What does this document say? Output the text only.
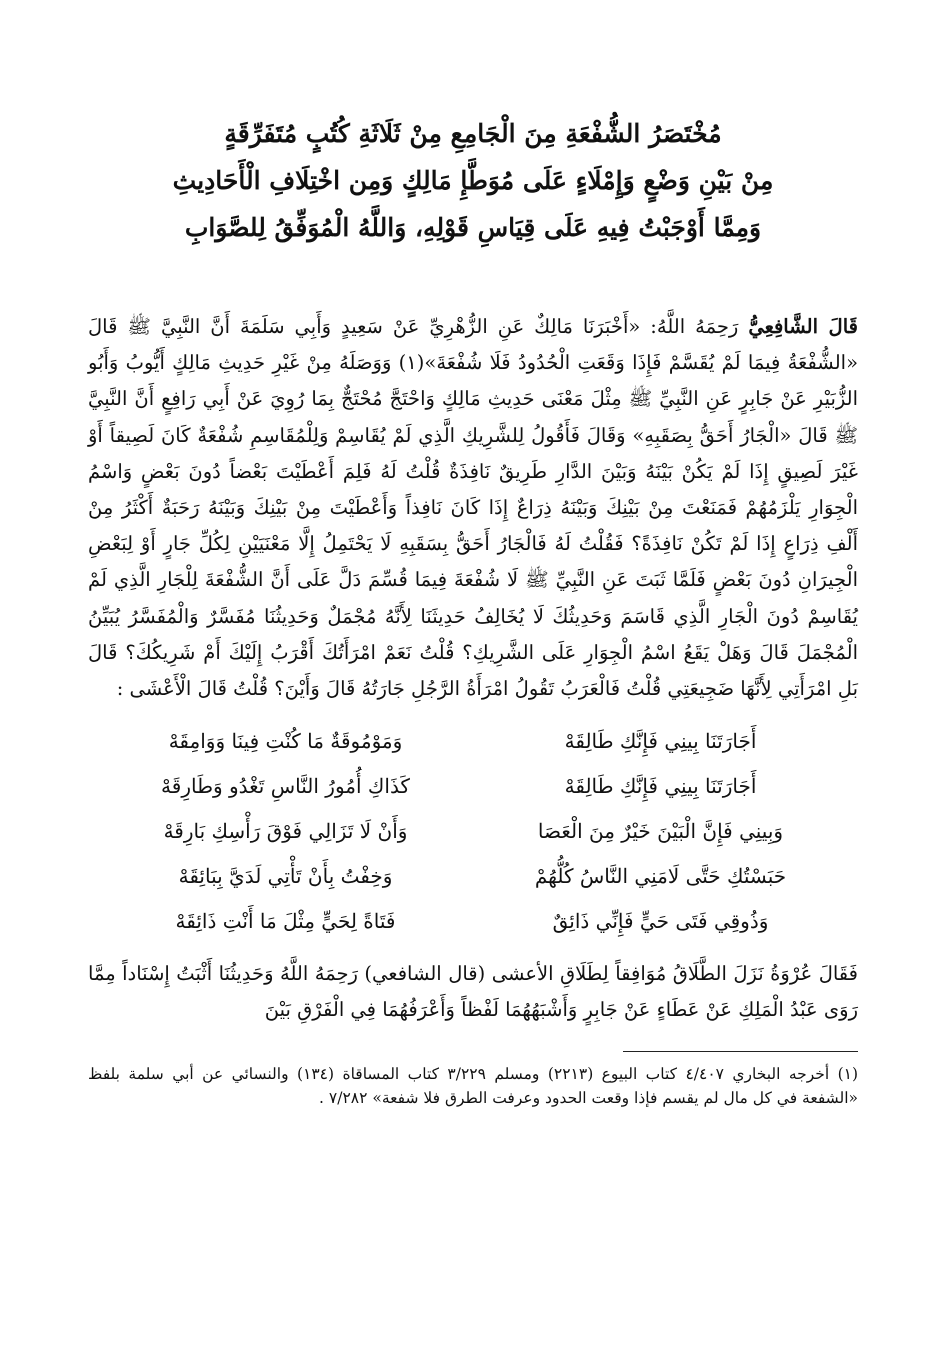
مُخْتَصَرُ الشُّفْعَةِ مِنَ الْجَامِعِ مِنْ ثَلَاثَةِ كُتُبٍ مُتَفَرِّقَةٍ
مِنْ بَيْنِ وَضْعٍ وَإِمْلَاءٍ عَلَى مُوَطَّإِ مَالِكٍ وَمِن اخْتِلَافِ الْأَحَادِيثِ
وَمِمَّا أَوْجَبْتُ فِيهِ عَلَى قِيَاسِ قَوْلِهِ، وَاللَّهُ الْمُوَفِّقُ لِلصَّوَابِ

قَالَ الشَّافِعِيُّ رَحِمَهُ اللَّهُ: «أَخْبَرَنَا مَالِكٌ عَنِ الزُّهْرِيِّ عَنْ سَعِيدٍ وَأَبِي سَلَمَةَ أَنَّ النَّبِيَّ ﷺ قَالَ «الشُّفْعَةُ فِيمَا لَمْ يُقَسَّمْ فَإِذَا وَقَعَتِ الْحُدُودُ فَلَا شُفْعَةَ»(١) وَوَصَلَهُ مِنْ غَيْرِ حَدِيثِ مَالِكٍ أَيُّوبُ وَأَبُو الزُّبَيْرِ عَنْ جَابِرٍ عَنِ النَّبِيِّ ﷺ مِثْلَ مَعْنَى حَدِيثِ مَالِكٍ وَاحْتَجَّ مُحْتَجٌّ بِمَا رُوِيَ عَنْ أَبِي رَافِعٍ أَنَّ النَّبِيَّ ﷺ قَالَ «الْجَارُ أَحَقُّ بِصَقَبِهِ» وَقَالَ فَأَقُولُ لِلشَّرِيكِ الَّذِي لَمْ يُقَاسِمْ وَلِلْمُقَاسِمِ شُفْعَةٌ كَانَ لَصِيقاً أَوْ غَيْرَ لَصِيقٍ إِذَا لَمْ يَكُنْ بَيْنَهُ وَبَيْنَ الدَّارِ طَرِيقٌ نَافِذَةٌ قُلْتُ لَهُ فَلِمَ أَعْطَيْتَ بَعْضاً دُونَ بَعْضٍ وَاسْمُ الْجِوَارِ يَلْزَمُهُمْ فَمَنَعْتَ مِنْ بَيْنِكَ وَبَيْنَهُ ذِرَاعٌ إِذَا كَانَ نَافِذاً وَأَعْطَيْتَ مِنْ بَيْنِكَ وَبَيْنَهُ رَحَبَةٌ أَكْثَرُ مِنْ أَلْفِ ذِرَاعٍ إِذَا لَمْ تَكُنْ نَافِذَةً؟ فَقُلْتُ لَهُ فَالْجَارُ أَحَقُّ بِسَقَبِهِ لَا يَحْتَمِلُ إِلَّا مَعْنَيَيْنِ لِكُلِّ جَارٍ أَوْ لِبَعْضِ الْجِيرَانِ دُونَ بَعْضٍ فَلَمَّا ثَبَتَ عَنِ النَّبِيِّ ﷺ لَا شُفْعَةَ فِيمَا قُسِّمَ دَلَّ عَلَى أَنَّ الشُّفْعَةَ لِلْجَارِ الَّذِي لَمْ يُقَاسِمْ دُونَ الْجَارِ الَّذِي قَاسَمَ وَحَدِيثُكَ لَا يُخَالِفُ حَدِيثَنَا لِأَنَّهُ مُجْمَلٌ وَحَدِيثُنَا مُفَسَّرٌ وَالْمُفَسَّرُ يُبَيِّنُ الْمُجْمَلَ قَالَ وَهَلْ يَقَعُ اسْمُ الْجِوَارِ عَلَى الشَّرِيكِ؟ قُلْتُ نَعَمْ امْرَأَتُكَ أَقْرَبُ إِلَيْكَ أَمْ شَرِيكُكَ؟ قَالَ بَلِ امْرَأَتِي لِأَنَّهَا ضَجِيعَتِي قُلْتُ فَالْعَرَبُ تَقُولُ امْرَأَةُ الرَّجُلِ جَارَتُهُ قَالَ وَأَيْنَ؟ قُلْتُ قَالَ الْأَعْشَى :

أَجَارَتَنَا بِينِي فَإِنَّكِ طَالِقَهْ
وَمَوْمُوقَةٌ مَا كُنْتِ فِينَا وَوَامِقَهْ
أَجَارَتَنَا بِينِي فَإِنَّكِ طَالِقَهْ
كَذَاكِ أُمُورُ النَّاسِ تَغْدُو وَطَارِقَهْ
وَبِينِي فَإِنَّ الْبَيْنَ خَيْرٌ مِنَ الْعَصَا
وَأَنْ لَا تَزَالِي فَوْقَ رَأْسِكِ بَارِقَهْ
حَبَسْتُكِ حَتَّى لَامَنِي النَّاسُ كُلُّهُمْ
وَخِفْتُ بِأَنْ تَأْتِي لَدَيَّ بِبَائِقَهْ
وَذُوقِي فَتَى حَيٍّ فَإِنِّي ذَائِقٌ
فَتَاةً لِحَيٍّ مِثْلَ مَا أَنْتِ ذَائِقَهْ

فَقَالَ عُرْوَةُ نَزَلَ الطَّلَاقُ مُوَافِقاً لِطَلَاقِ الأعشى (قال الشافعي) رَحِمَهُ اللَّهُ وَحَدِيثُنَا أَثْبَتُ إِسْنَاداً مِمَّا رَوَى عَبْدُ الْمَلِكِ عَنْ عَطَاءٍ عَنْ جَابِرٍ وَأَشْبَهُهُمَا لَفْظاً وَأَعْرَفُهُمَا فِي الْفَرْقِ بَيْنَ

(١) أخرجه البخاري ٤/٤٠٧ كتاب البيوع (٢٢١٣) ومسلم ٣/٢٢٩ كتاب المساقاة (١٣٤) والنسائي عن أبي سلمة بلفظ «الشفعة في كل مال لم يقسم فإذا وقعت الحدود وعرفت الطرق فلا شفعة» ٧/٢٨٢ .
